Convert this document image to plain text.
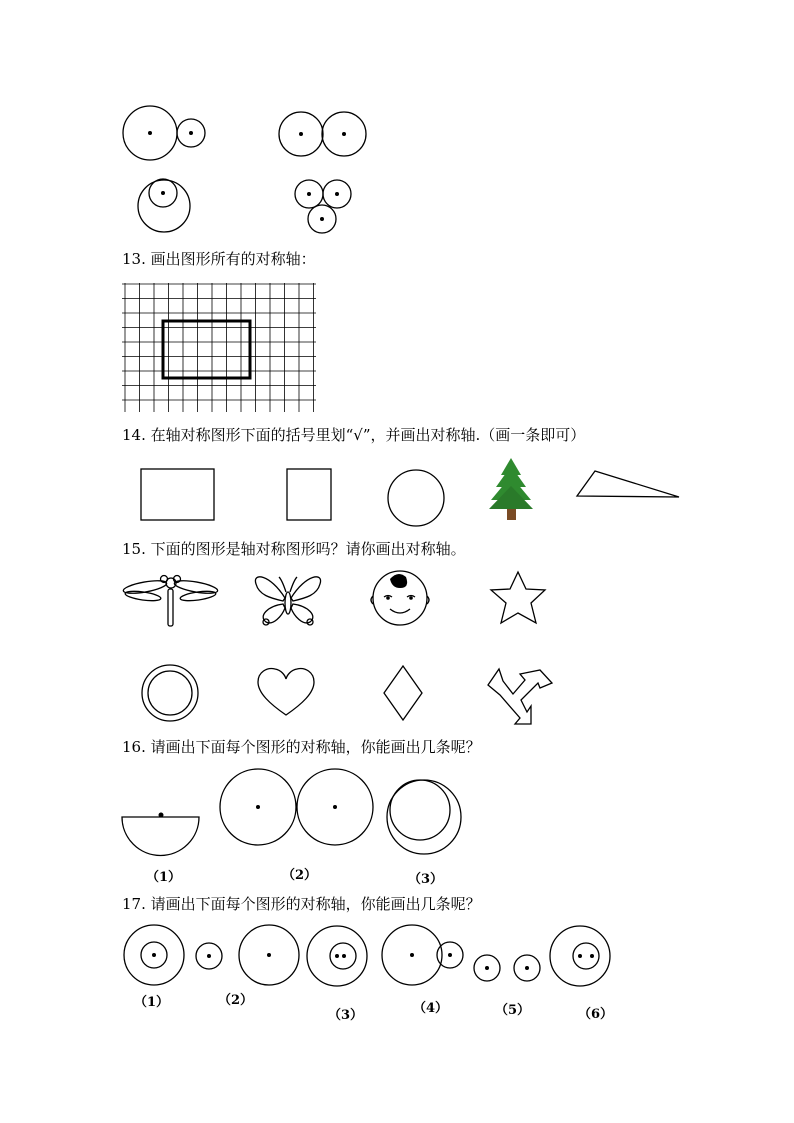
13. 画出图形所有的对称轴：
14. 在轴对称图形下面的括号里划“√”，并画出对称轴.（画一条即可）
15. 下面的图形是轴对称图形吗？请你画出对称轴。
16. 请画出下面每个图形的对称轴，你能画出几条呢？
17. 请画出下面每个图形的对称轴，你能画出几条呢？
（1）	（2）	（3）
（1）	（2）
（3）	（4）	（5）	（6）
